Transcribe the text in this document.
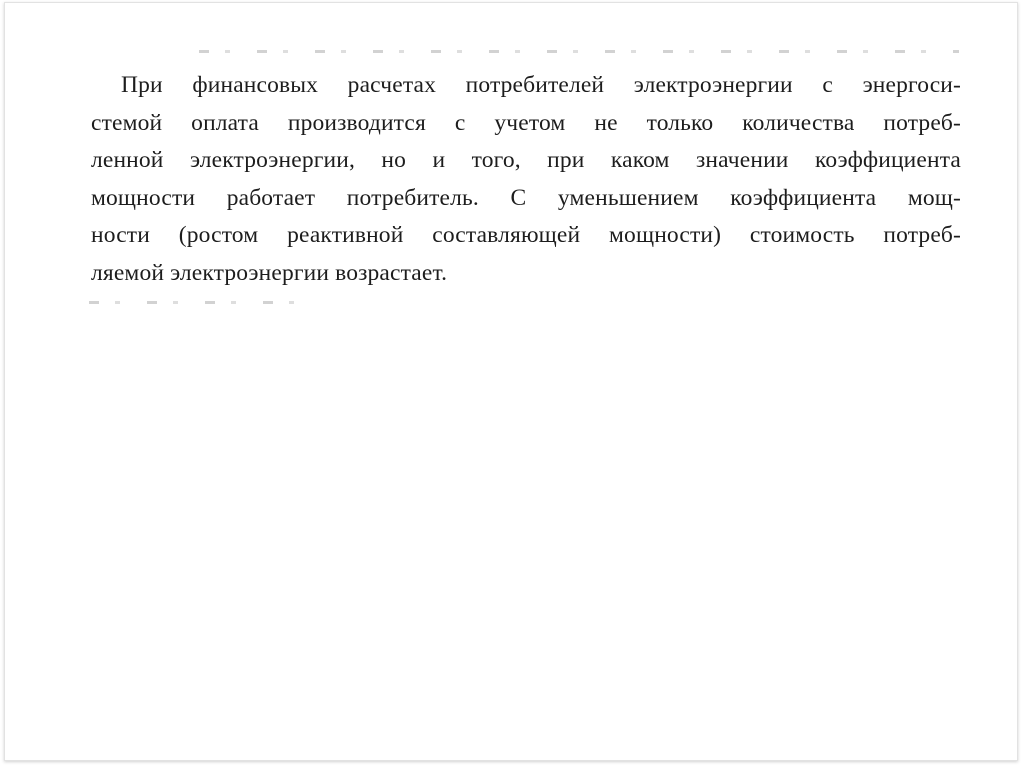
При финансовых расчетах потребителей электроэнергии с энергоси-
стемой оплата производится с учетом не только количества потреб-
ленной электроэнергии, но и того, при каком значении коэффициента
мощности работает потребитель. С уменьшением коэффициента мощ-
ности (ростом реактивной составляющей мощности) стоимость потреб-
ляемой электроэнергии возрастает.
